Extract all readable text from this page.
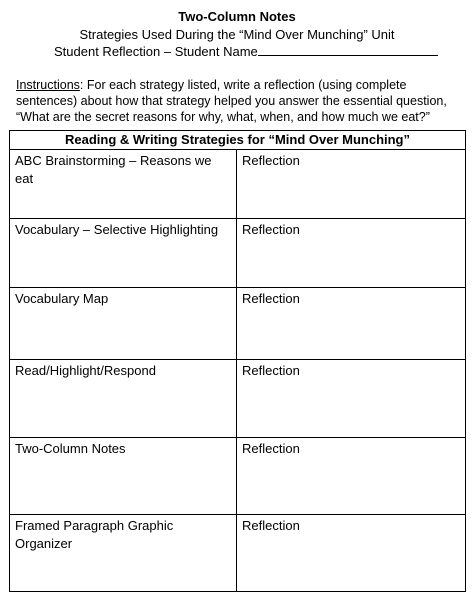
Two-Column Notes
Strategies Used During the “Mind Over Munching” Unit
Student Reflection – Student Name
Instructions: For each strategy listed, write a reflection (using complete
sentences) about how that strategy helped you answer the essential question,
“What are the secret reasons for why, what, when, and how much we eat?”
Reading & Writing Strategies for “Mind Over Munching”	
ABC Brainstorming – Reasons we eat	Reflection
Vocabulary – Selective Highlighting	Reflection
Vocabulary Map	Reflection
Read/Highlight/Respond	Reflection
Two-Column Notes	Reflection
Framed Paragraph Graphic Organizer	Reflection
